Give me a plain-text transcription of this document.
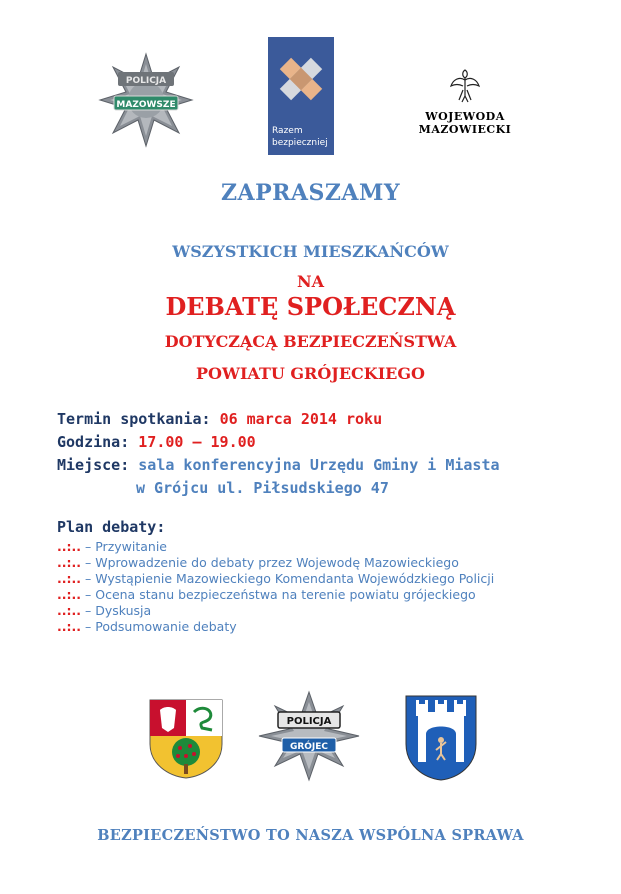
POLICJA
MAZOWSZE
Razem
bezpieczniej
WOJEWODA MAZOWIECKI
ZAPRASZAMY
WSZYSTKICH MIESZKAŃCÓW
NA
DEBATĘ SPOŁECZNĄ
DOTYCZĄCĄ BEZPIECZEŃSTWA
POWIATU GRÓJECKIEGO
Termin spotkania: 06 marca 2014 roku
Godzina: 17.00 – 19.00
Miejsce: sala konferencyjna Urzędu Gminy i Miasta
w Grójcu ul. Piłsudskiego 47
Plan debaty:
..:.. – Przywitanie
..:.. – Wprowadzenie do debaty przez Wojewodę Mazowieckiego
..:.. – Wystąpienie Mazowieckiego Komendanta Wojewódzkiego Policji
..:.. – Ocena stanu bezpieczeństwa na terenie powiatu grójeckiego
..:.. – Dyskusja
..:.. – Podsumowanie debaty
POLICJA
GRÓJEC
BEZPIECZEŃSTWO TO NASZA WSPÓLNA SPRAWA
